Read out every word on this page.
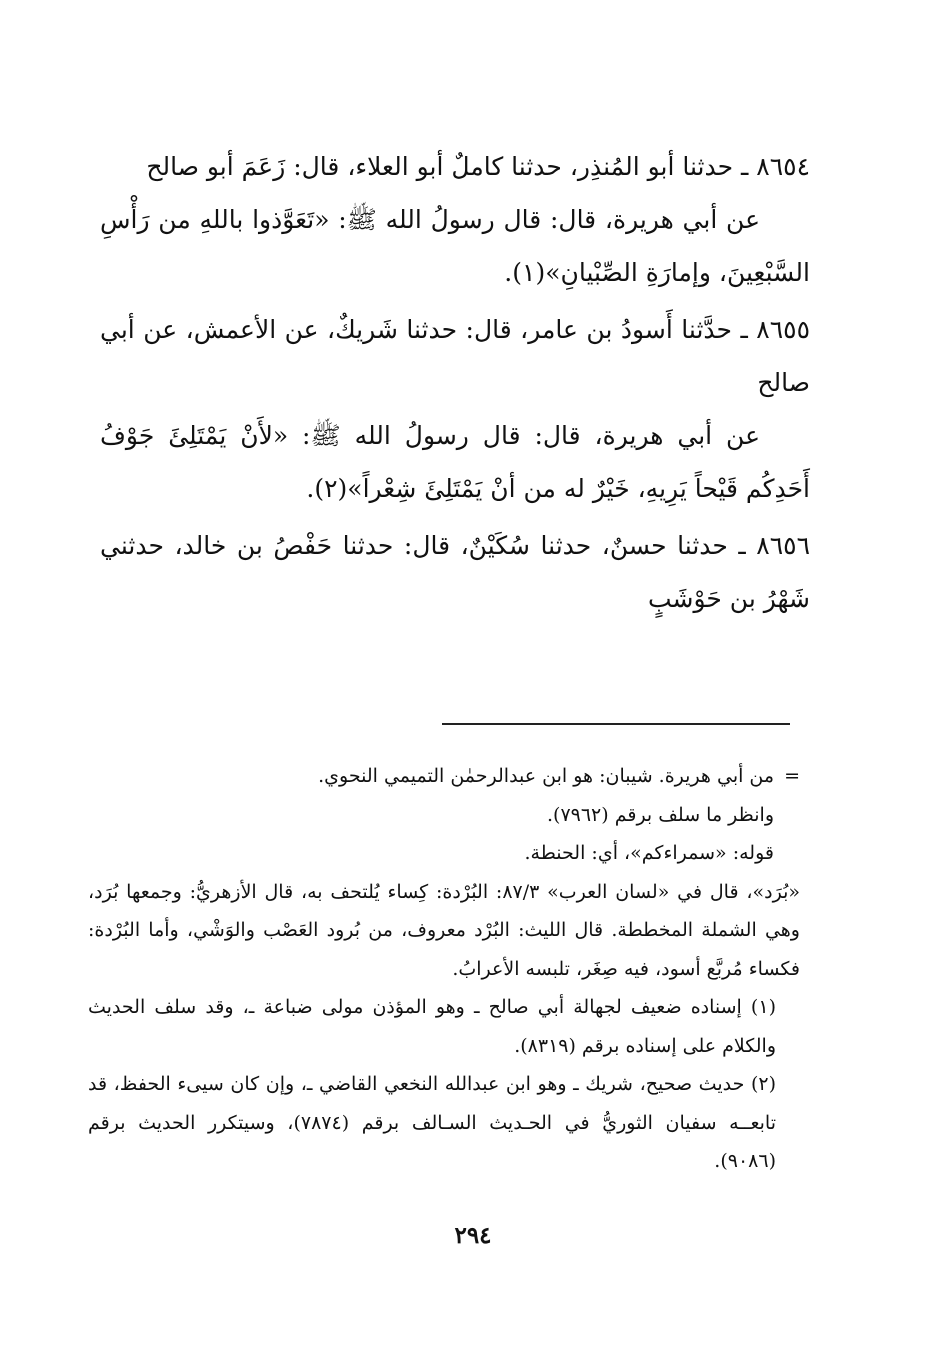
٨٦٥٤ ـ حدثنا أبو المُنذِر، حدثنا كاملٌ أبو العلاء، قال: زَعَمَ أبو صالح

عن أبي هريرة، قال: قال رسولُ الله ﷺ: «تَعَوَّذوا باللهِ من رَأْسِ السَّبْعِينَ، وإمارَةِ الصِّبْيانِ»(١).

٨٦٥٥ ـ حدَّثنا أَسودُ بن عامر، قال: حدثنا شَريكٌ، عن الأعمش، عن أبي صالح

عن أبي هريرة، قال: قال رسولُ الله ﷺ: «لأَنْ يَمْتَلِئَ جَوْفُ أَحَدِكُم قَيْحاً يَرِيهِ، خَيْرٌ له من أنْ يَمْتَلِئَ شِعْراً»(٢).

٨٦٥٦ ـ حدثنا حسنٌ، حدثنا سُكَيْنٌ، قال: حدثنا حَفْصُ بن خالد، حدثني شَهْرُ بن حَوْشَبٍ

=من أبي هريرة. شيبان: هو ابن عبدالرحمٰن التميمي النحوي.

وانظر ما سلف برقم (٧٩٦٢).

قوله: «سمراءكم»، أي: الحنطة.

«بُرَد»، قال في «لسان العرب» ٨٧/٣: البُرْدة: كِساء يُلتحف به، قال الأزهريُّ: وجمعها بُرَد، وهي الشملة المخططة. قال الليث: البُرْد معروف، من بُرود العَصْب والوَشْي، وأما البُرْدة: فكساء مُربَّع أسود، فيه صِغَر، تلبسه الأعرابُ.

(١) إسناده ضعيف لجهالة أبي صالح ـ وهو المؤذن مولى ضباعة ـ، وقد سلف الحديث والكلام على إسناده برقم (٨٣١٩).

(٢) حديث صحيح، شريك ـ وهو ابن عبدالله النخعي القاضي ـ، وإن كان سيىء الحفظ، قد تابعــه سفيان الثوريُّ في الحـديث السـالف برقم (٧٨٧٤)، وسيتكرر الحديث برقم (٩٠٨٦).

٢٩٤
